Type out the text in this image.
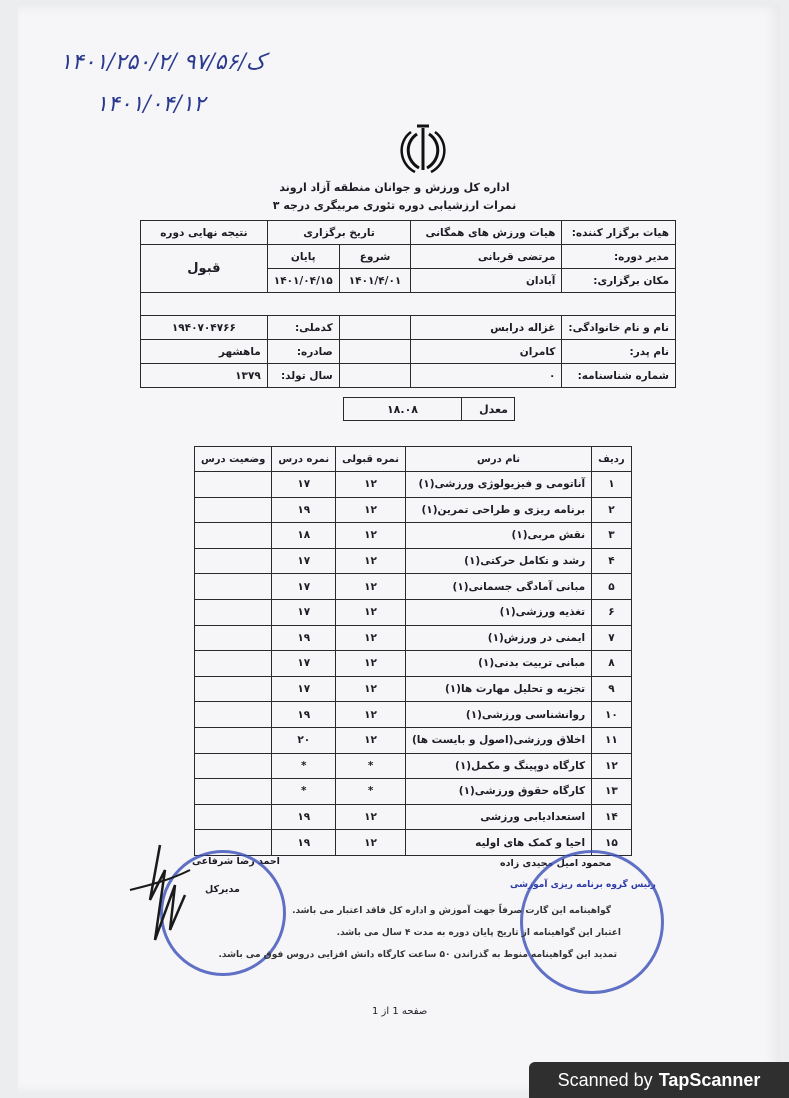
۱۴۰۱/۲۵۰/۲/ ک/۹۷/۵۶
۱۴۰۱/۰۴/۱۲
اداره کل ورزش و جوانان منطقه آزاد اروند
نمرات ارزشیابی دوره تئوری مربیگری درجه ۳
هیات برگزار کننده:	هیات ورزش های همگانی	تاریخ برگزاری		نتیجه نهایی دوره
مدیر دوره:	مرتضی قربانی	شروع	پایان	قبول
مکان برگزاری:	آبادان	۱۴۰۱/۴/۰۱	۱۴۰۱/۰۴/۱۵	

نام و نام خانوادگی:	غزاله درابس		کدملی:	۱۹۴۰۷۰۴۷۶۶
نام پدر:	کامران		صادره:	ماهشهر
شماره شناسنامه:	۰		سال تولد:	۱۳۷۹
معدل	۱۸.۰۸
ردیف	نام درس	نمره قبولی	نمره درس	وضعیت درس
۱	آناتومی و فیزیولوژی ورزشی(۱)	۱۲	۱۷	
۲	برنامه ریزی و طراحی تمرین(۱)	۱۲	۱۹	
۳	نقش مربی(۱)	۱۲	۱۸	
۴	رشد و تکامل حرکتی(۱)	۱۲	۱۷	
۵	مبانی آمادگی جسمانی(۱)	۱۲	۱۷	
۶	تغذیه ورزشی(۱)	۱۲	۱۷	
۷	ایمنی در ورزش(۱)	۱۲	۱۹	
۸	مبانی تربیت بدنی(۱)	۱۲	۱۷	
۹	تجزیه و تحلیل مهارت ها(۱)	۱۲	۱۷	
۱۰	روانشناسی ورزشی(۱)	۱۲	۱۹	
۱۱	اخلاق ورزشی(اصول و بایست ها)	۱۲	۲۰	
۱۲	کارگاه دوپینگ و مکمل(۱)	*	*	
۱۳	کارگاه حقوق ورزشی(۱)	*	*	
۱۴	استعدادیابی ورزشی	۱۲	۱۹	
۱۵	احیا و کمک های اولیه	۱۲	۱۹	
احمد رضا شرفاعی
مدیرکل
محمود امیل مجیدی زاده
رئیس گروه برنامه ریزی آموزشی
گواهینامه این گارت صرفاً جهت آموزش و اداره کل فاقد اعتبار می باشد.
اعتبار این گواهینامه از تاریخ پایان دوره به مدت ۴ سال می باشد.
تمدید این گواهینامه منوط به گذراندن ۵۰ ساعت کارگاه دانش افزایی دروس فوق می باشد.
صفحه 1 از 1
Scanned by TapScanner
